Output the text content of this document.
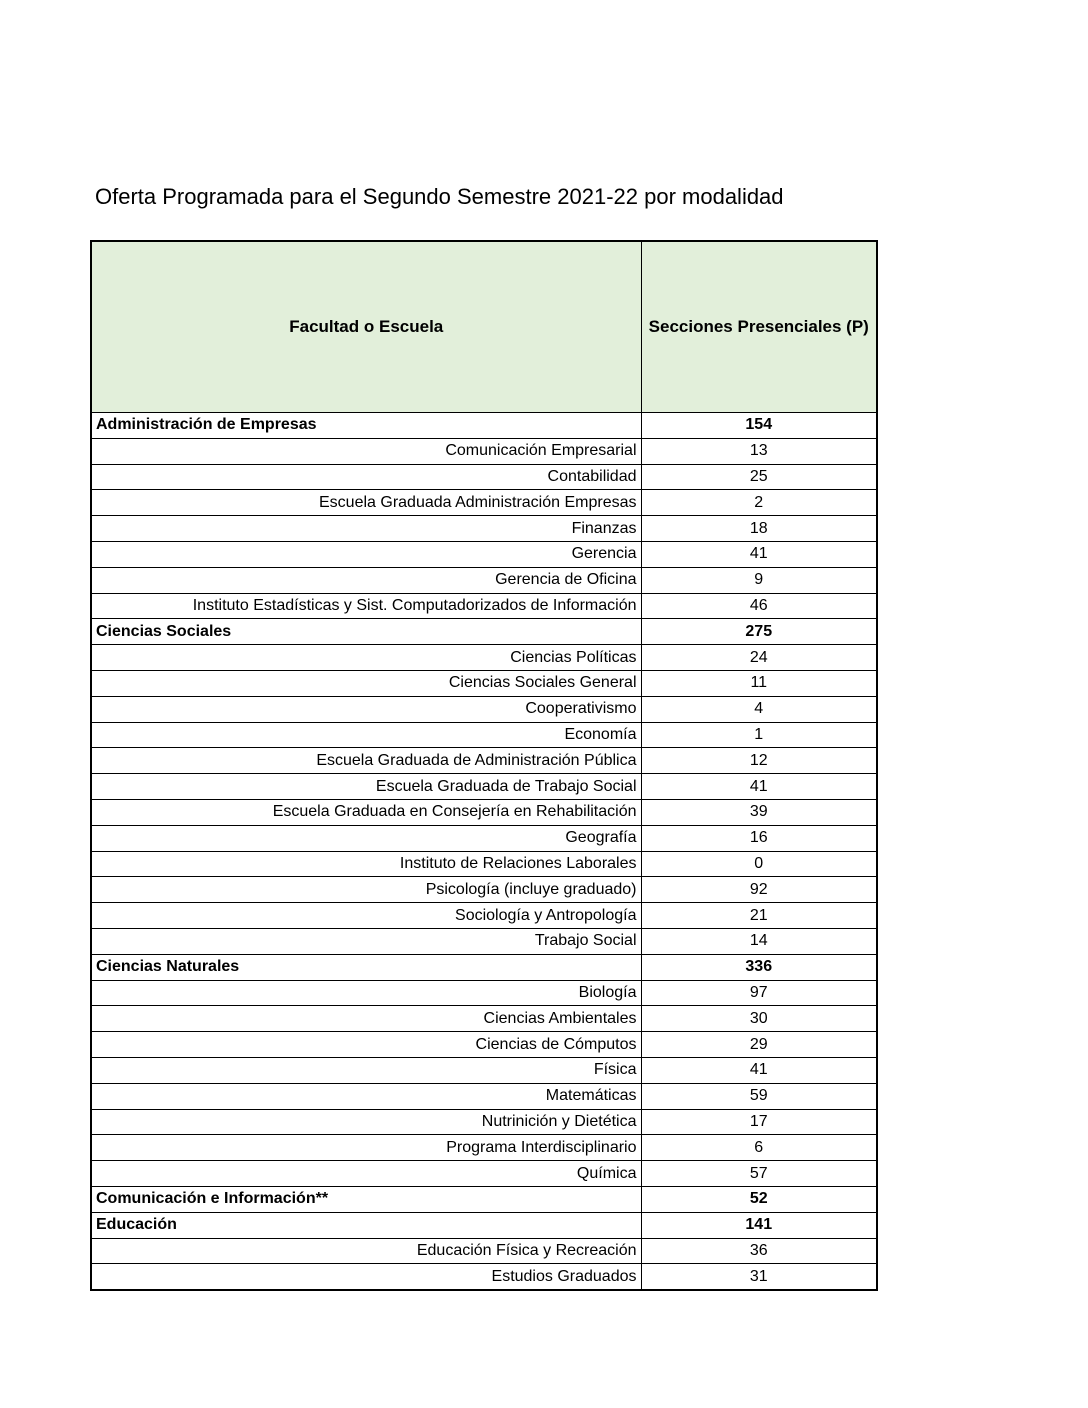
Oferta Programada para el Segundo Semestre 2021-22 por modalidad
Facultad o Escuela	Secciones Presenciales (P)
Administración de Empresas	154
Comunicación Empresarial	13
Contabilidad	25
Escuela Graduada Administración Empresas	2
Finanzas	18
Gerencia	41
Gerencia de Oficina	9
Instituto Estadísticas y Sist. Computadorizados de Información	46
Ciencias Sociales	275
Ciencias Políticas	24
Ciencias Sociales General	11
Cooperativismo	4
Economía	1
Escuela Graduada de Administración Pública	12
Escuela Graduada de Trabajo Social	41
Escuela Graduada en Consejería en Rehabilitación	39
Geografía	16
Instituto de Relaciones Laborales	0
Psicología (incluye graduado)	92
Sociología y Antropología	21
Trabajo Social	14
Ciencias Naturales	336
Biología	97
Ciencias Ambientales	30
Ciencias de Cómputos	29
Física	41
Matemáticas	59
Nutrinición y Dietética	17
Programa Interdisciplinario	6
Química	57
Comunicación e Información**	52
Educación	141
Educación Física y Recreación	36
Estudios Graduados	31
